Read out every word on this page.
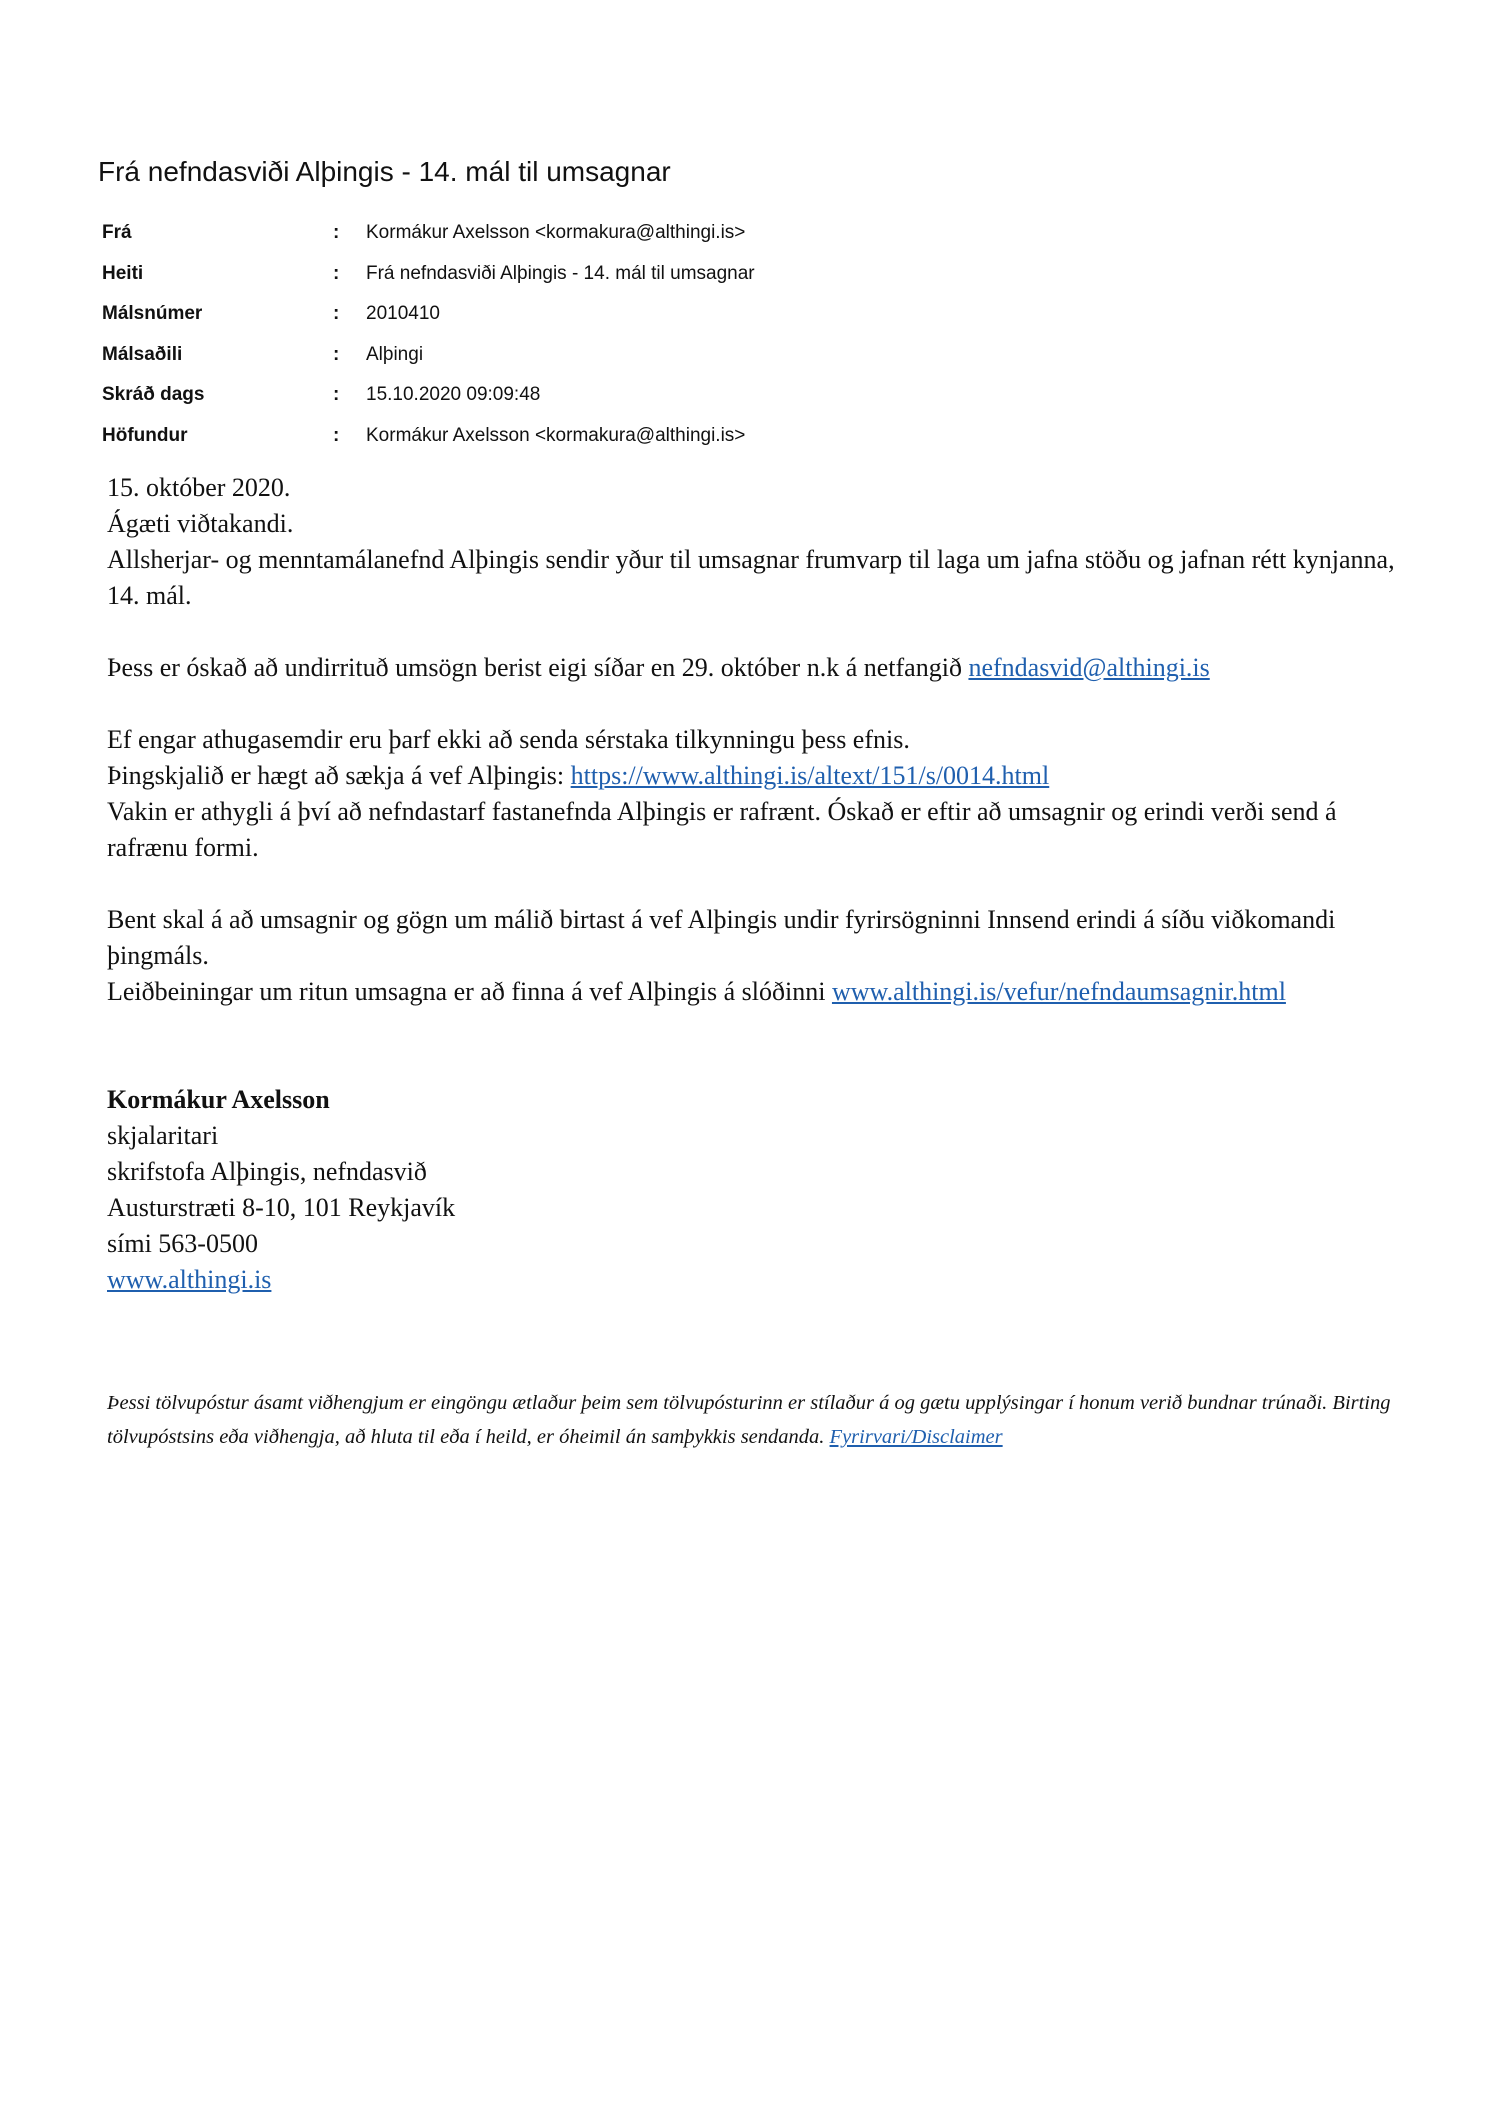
Frá nefndasviði Alþingis - 14. mál til umsagnar
Frá	: Kormákur Axelsson <kormakura@althingi.is>
Heiti	: Frá nefndasviði Alþingis - 14. mál til umsagnar
Málsnúmer	: 2010410
Málsaðili	: Alþingi
Skráð dags	: 15.10.2020 09:09:48
Höfundur	: Kormákur Axelsson <kormakura@althingi.is>

15. október 2020.

Ágæti viðtakandi.

Allsherjar- og menntamálanefnd Alþingis sendir yður til umsagnar frumvarp til laga um jafna stöðu og jafnan rétt kynjanna, 14. mál.

Þess er óskað að undirrituð umsögn berist eigi síðar en 29. október n.k á netfangið nefndasvid@althingi.is

Ef engar athugasemdir eru þarf ekki að senda sérstaka tilkynningu þess efnis.

Þingskjalið er hægt að sækja á vef Alþingis: https://www.althingi.is/altext/151/s/0014.html

Vakin er athygli á því að nefndastarf fastanefnda Alþingis er rafrænt. Óskað er eftir að umsagnir og erindi verði send á rafrænu formi.

Bent skal á að umsagnir og gögn um málið birtast á vef Alþingis undir fyrirsögninni Innsend erindi á síðu viðkomandi þingmáls.

Leiðbeiningar um ritun umsagna er að finna á vef Alþingis á slóðinni www.althingi.is/vefur/nefndaumsagnir.html

Kormákur Axelsson

skjalaritari

skrifstofa Alþingis, nefndasvið

Austurstræti 8-10, 101 Reykjavík

sími 563-0500

www.althingi.is

Þessi tölvupóstur ásamt viðhengjum er eingöngu ætlaður þeim sem tölvupósturinn er stílaður á og gætu upplýsingar í honum verið bundnar trúnaði. Birting tölvupóstsins eða viðhengja, að hluta til eða í heild, er óheimil án samþykkis sendanda. Fyrirvari/Disclaimer
